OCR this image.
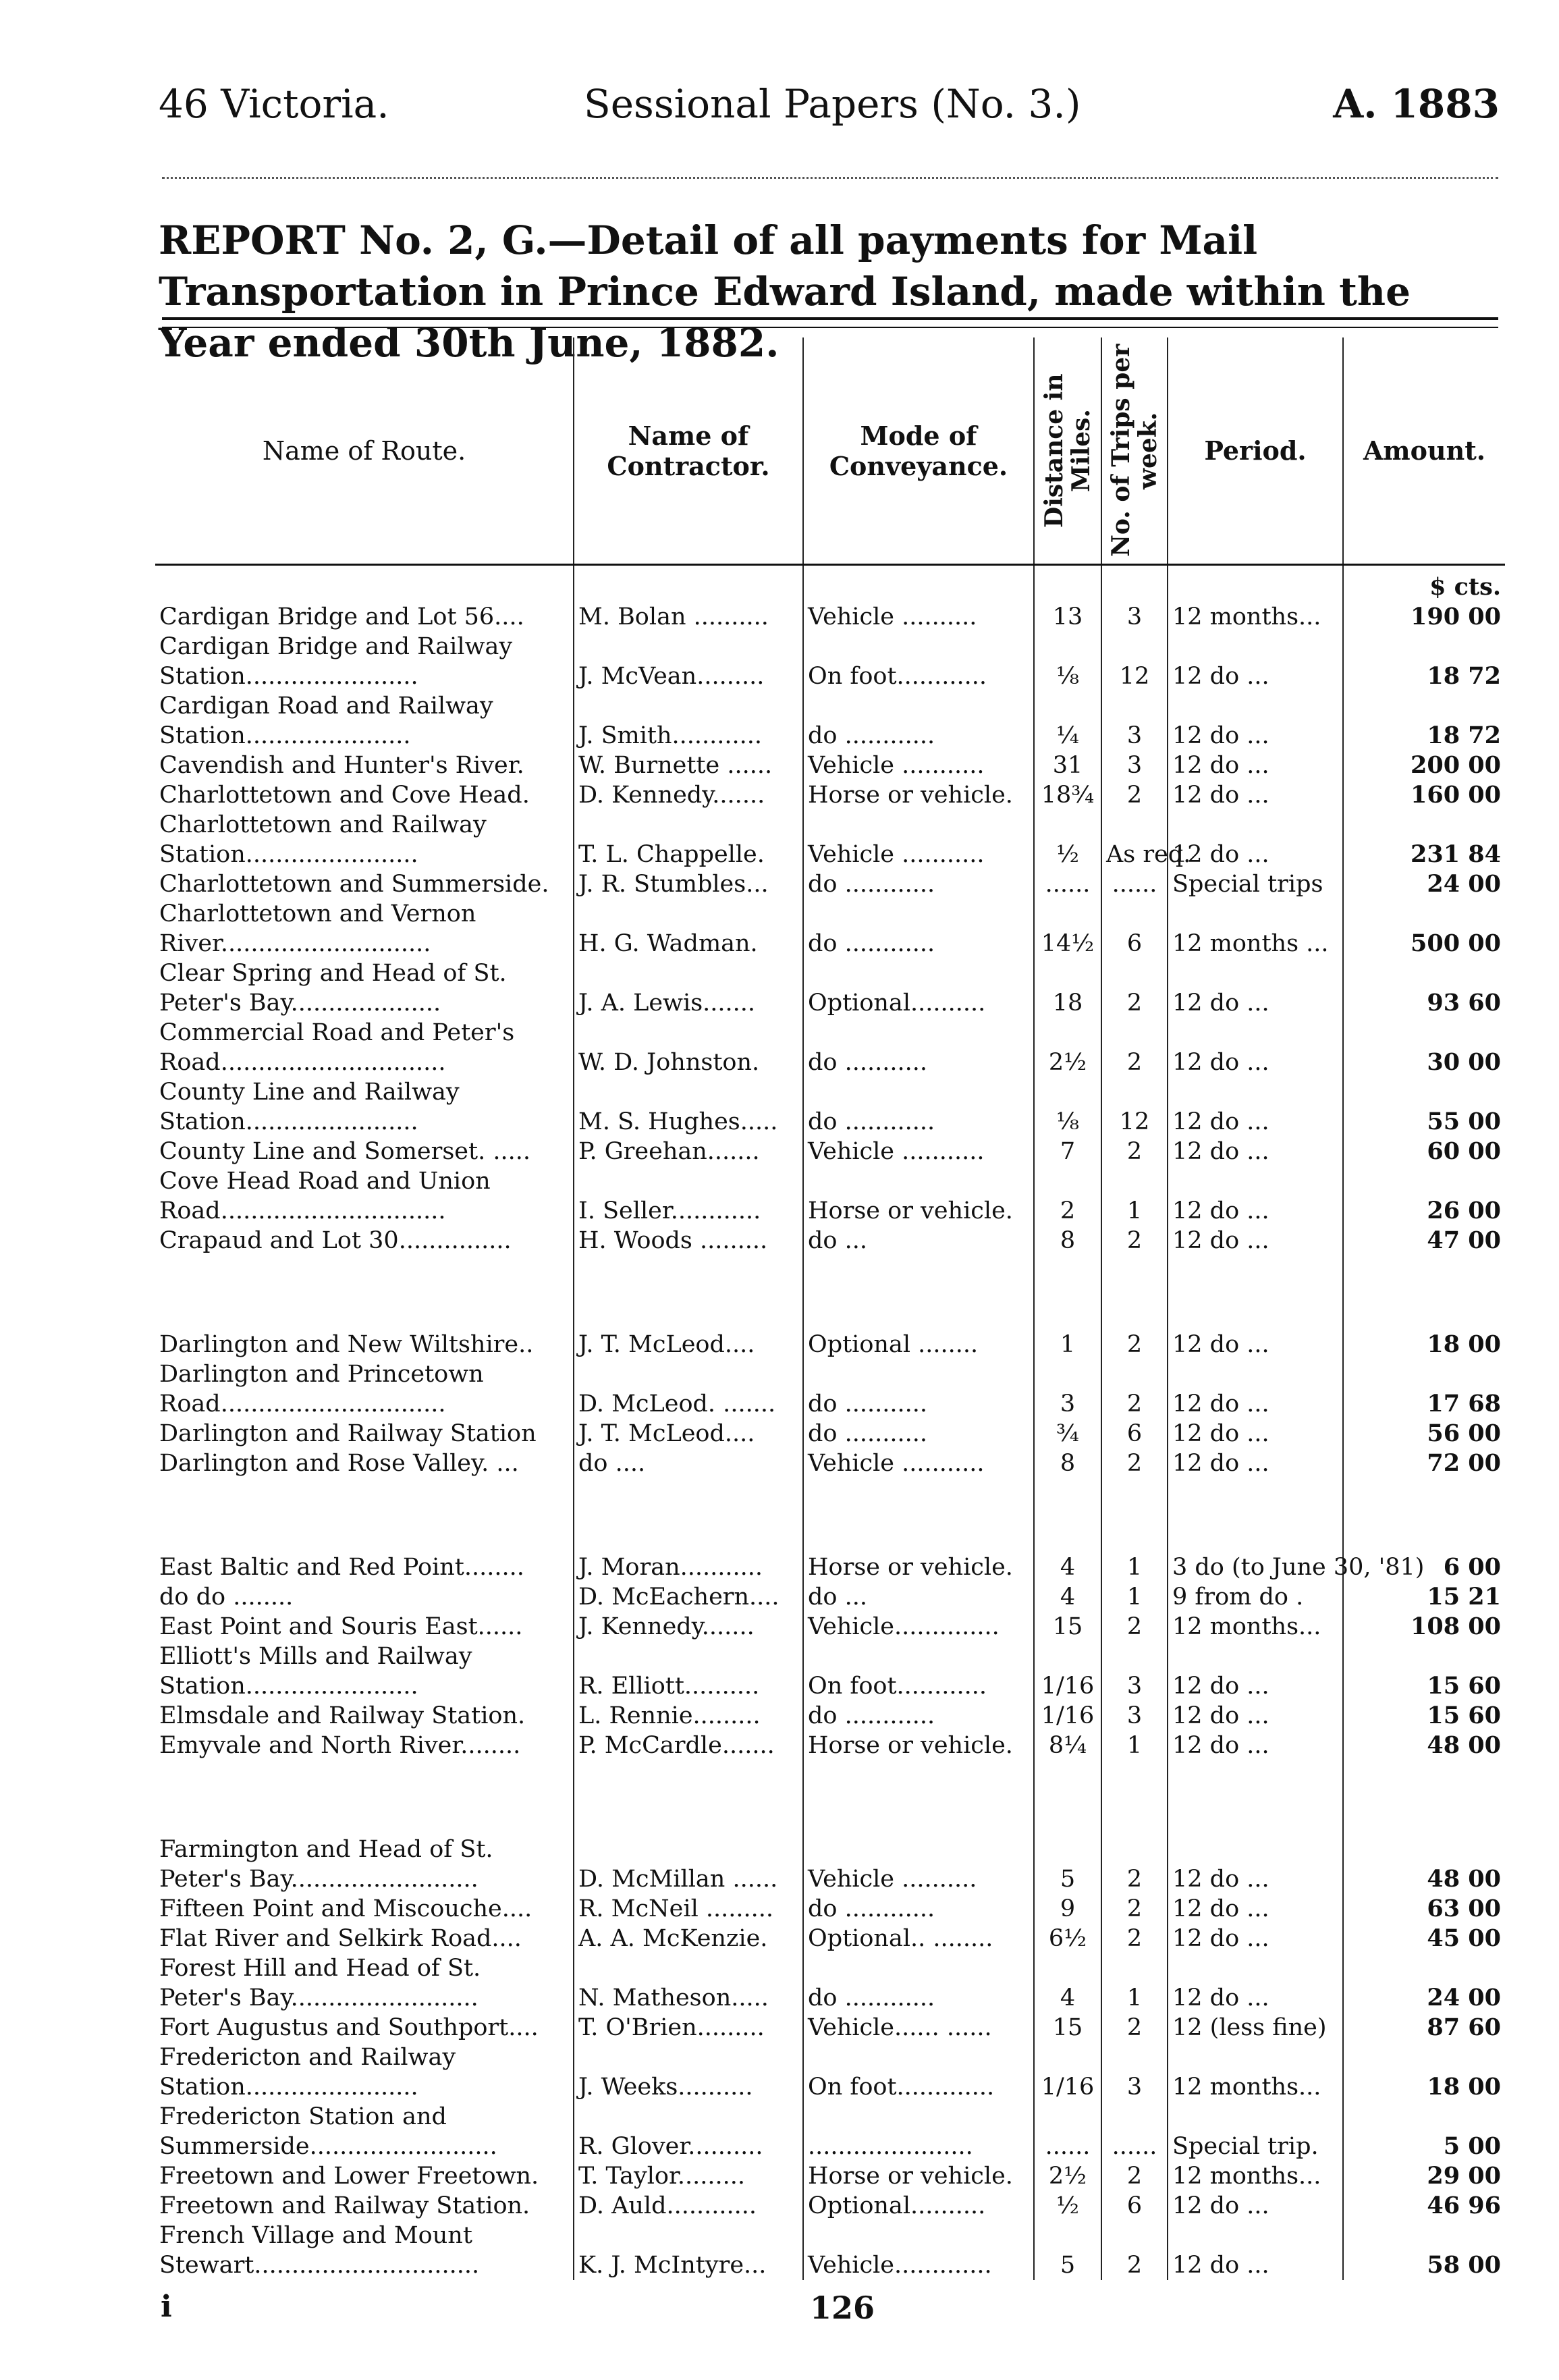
46 Victoria.	Sessional Papers (No. 3.)	A. 1883
REPORT No. 2, G.—Detail of all payments for Mail Transportation in Prince Edward Island, made within the Year ended 30th June, 1882.
Name of Route.	Name of Contractor.	Mode of Conveyance.	Distance in Miles.	No. of Trips per week.	Period.	Amount.
						$ cts.
Cardigan Bridge and Lot 56....	M. Bolan ..........	Vehicle ..........	13	3	12 months...	190 00
Cardigan Bridge and Railway Station.......................	J. McVean.........	On foot............	⅛	12	12 do ...	18 72
Cardigan Road and Railway Station......................	J. Smith............	do ............	¼	3	12 do ...	18 72
Cavendish and Hunter's River.	W. Burnette ......	Vehicle ...........	31	3	12 do ...	200 00
Charlottetown and Cove Head.	D. Kennedy.......	Horse or vehicle.	18¾	2	12 do ...	160 00
Charlottetown and Railway Station.......................	T. L. Chappelle.	Vehicle ...........	½	As req.	12 do ...	231 84
Charlottetown and Summerside.	J. R. Stumbles...	do ............	......	......	Special trips	24 00
Charlottetown and Vernon River............................	H. G. Wadman.	do ............	14½	6	12 months ...	500 00
Clear Spring and Head of St. Peter's Bay....................	J. A. Lewis.......	Optional..........	18	2	12 do ...	93 60
Commercial Road and Peter's Road..............................	W. D. Johnston.	do ...........	2½	2	12 do ...	30 00
County Line and Railway Station.......................	M. S. Hughes.....	do ............	⅛	12	12 do ...	55 00
County Line and Somerset. .....	P. Greehan.......	Vehicle ...........	7	2	12 do ...	60 00
Cove Head Road and Union Road..............................	I. Seller............	Horse or vehicle.	2	1	12 do ...	26 00
Crapaud and Lot 30...............	H. Woods .........	do ...	8	2	12 do ...	47 00

Darlington and New Wiltshire..	J. T. McLeod....	Optional ........	1	2	12 do ...	18 00
Darlington and Princetown Road..............................	D. McLeod. .......	do ...........	3	2	12 do ...	17 68
Darlington and Railway Station	J. T. McLeod....	do ...........	¾	6	12 do ...	56 00
Darlington and Rose Valley. ...	do ....	Vehicle ...........	8	2	12 do ...	72 00

East Baltic and Red Point........	J. Moran...........	Horse or vehicle.	4	1	3 do (to June 30, '81)	6 00
do do ........	D. McEachern....	do ...	4	1	9 from do .	15 21
East Point and Souris East......	J. Kennedy.......	Vehicle..............	15	2	12 months...	108 00
Elliott's Mills and Railway Station.......................	R. Elliott..........	On foot............	1/16	3	12 do ...	15 60
Elmsdale and Railway Station.	L. Rennie.........	do ............	1/16	3	12 do ...	15 60
Emyvale and North River........	P. McCardle.......	Horse or vehicle.	8¼	1	12 do ...	48 00

Farmington and Head of St. Peter's Bay.........................	D. McMillan ......	Vehicle ..........	5	2	12 do ...	48 00
Fifteen Point and Miscouche....	R. McNeil .........	do ............	9	2	12 do ...	63 00
Flat River and Selkirk Road....	A. A. McKenzie.	Optional.. ........	6½	2	12 do ...	45 00
Forest Hill and Head of St. Peter's Bay.........................	N. Matheson.....	do ............	4	1	12 do ...	24 00
Fort Augustus and Southport....	T. O'Brien.........	Vehicle...... ......	15	2	12 (less fine)	87 60
Fredericton and Railway Station.......................	J. Weeks..........	On foot.............	1/16	3	12 months...	18 00
Fredericton Station and Summerside.........................	R. Glover..........	......................	......	......	Special trip.	5 00
Freetown and Lower Freetown.	T. Taylor.........	Horse or vehicle.	2½	2	12 months...	29 00
Freetown and Railway Station.	D. Auld............	Optional..........	½	6	12 do ...	46 96
French Village and Mount Stewart..............................	K. J. McIntyre...	Vehicle.............	5	2	12 do ...	58 00
i	126
